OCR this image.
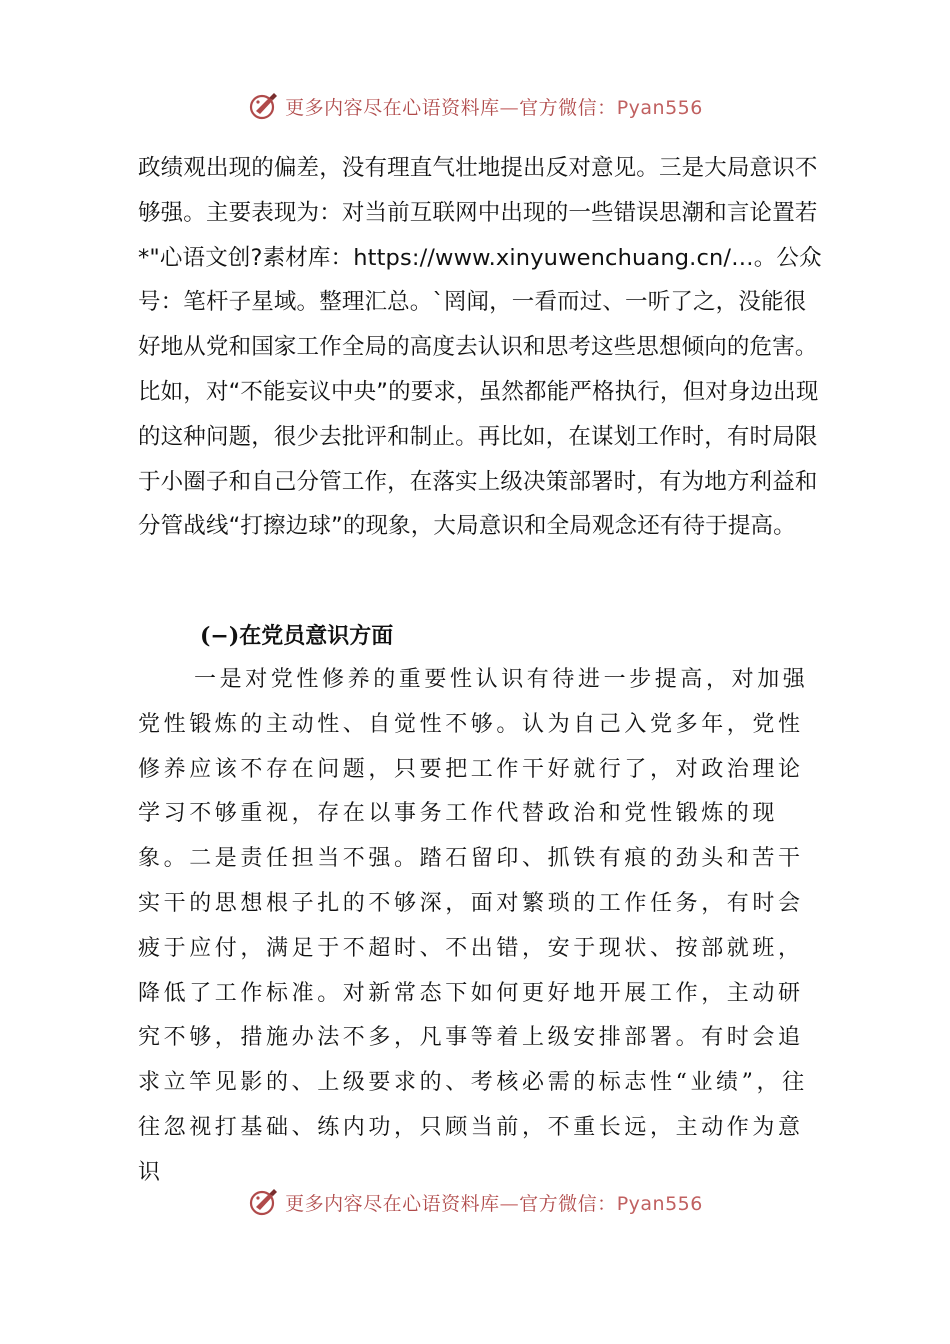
更多内容尽在心语资料库—官方微信：Pyan556
政绩观出现的偏差，没有理直气壮地提出反对意见。三是大局意识不够强。主要表现为：对当前互联网中出现的一些错误思潮和言论置若*"心语文创?素材库：https://www.xinyuwenchuang.cn/…。公众号：笔杆子星域。整理汇总。`罔闻，一看而过、一听了之，没能很好地从党和国家工作全局的高度去认识和思考这些思想倾向的危害。比如，对“不能妄议中央”的要求，虽然都能严格执行，但对身边出现的这种问题，很少去批评和制止。再比如，在谋划工作时，有时局限于小圈子和自己分管工作，在落实上级决策部署时，有为地方利益和分管战线“打擦边球”的现象，大局意识和全局观念还有待于提高。
(−)在党员意识方面
一是对党性修养的重要性认识有待进一步提高，对加强党性锻炼的主动性、自觉性不够。认为自己入党多年，党性修养应该不存在问题，只要把工作干好就行了，对政治理论学习不够重视，存在以事务工作代替政治和党性锻炼的现象。二是责任担当不强。踏石留印、抓铁有痕的劲头和苦干实干的思想根子扎的不够深，面对繁琐的工作任务，有时会疲于应付，满足于不超时、不出错，安于现状、按部就班，降低了工作标准。对新常态下如何更好地开展工作，主动研究不够，措施办法不多，凡事等着上级安排部署。有时会追求立竿见影的、上级要求的、考核必需的标志性“业绩”，往往忽视打基础、练内功，只顾当前，不重长远，主动作为意识
更多内容尽在心语资料库—官方微信：Pyan556
